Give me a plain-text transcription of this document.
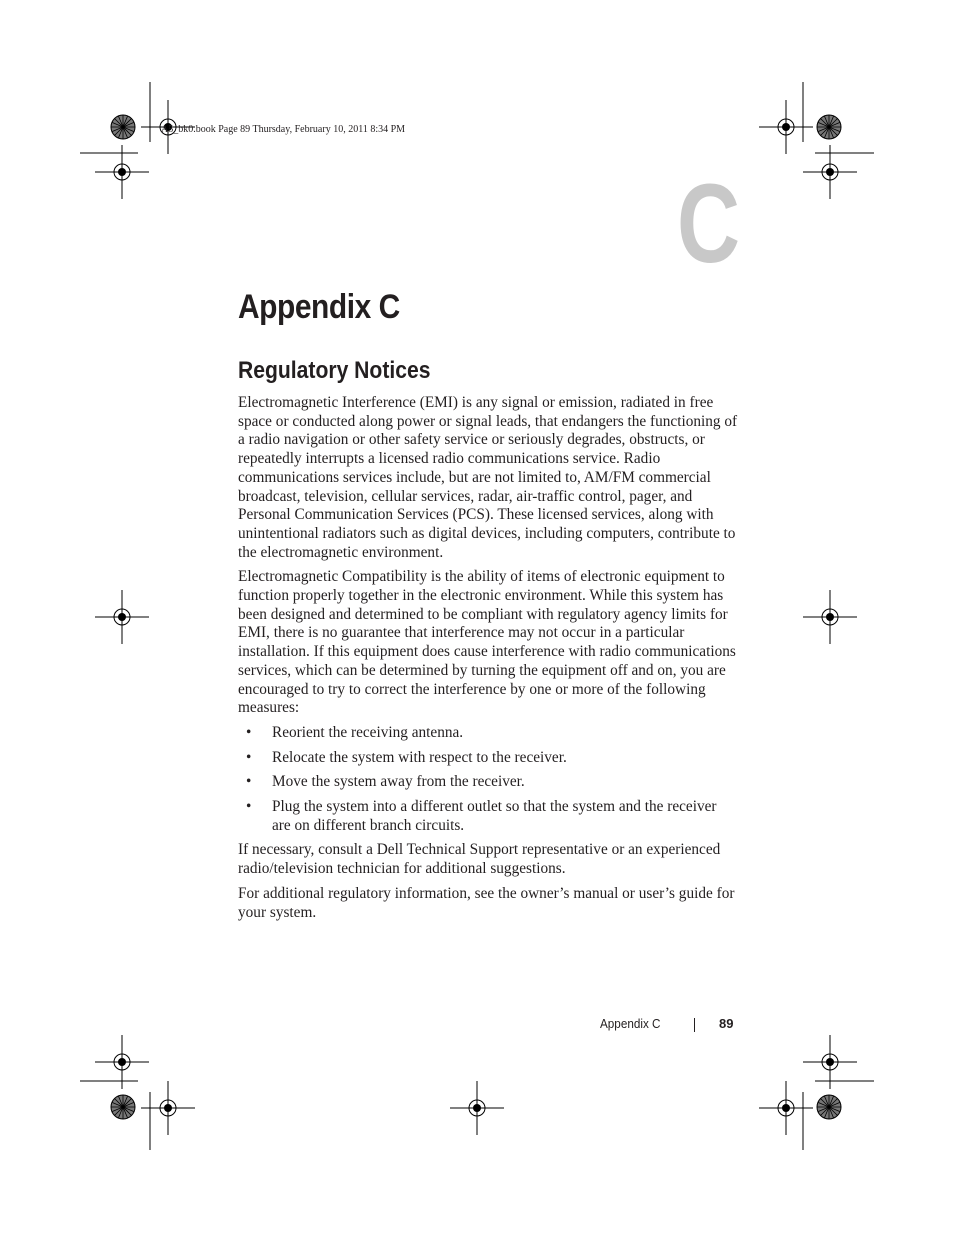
A5_bk0.book Page 89 Thursday, February 10, 2011 8:34 PM
C
Appendix C
Regulatory Notices

Electromagnetic Interference (EMI) is any signal or emission, radiated in free space or conducted along power or signal leads, that endangers the functioning of a radio navigation or other safety service or seriously degrades, obstructs, or repeatedly interrupts a licensed radio communications service. Radio communications services include, but are not limited to, AM/FM commercial broadcast, television, cellular services, radar, air-traffic control, pager, and Personal Communication Services (PCS). These licensed services, along with unintentional radiators such as digital devices, including computers, contribute to the electromagnetic environment.

Electromagnetic Compatibility is the ability of items of electronic equipment to function properly together in the electronic environment. While this system has been designed and determined to be compliant with regulatory agency limits for EMI, there is no guarantee that interference may not occur in a particular installation. If this equipment does cause interference with radio communications services, which can be determined by turning the equipment off and on, you are encouraged to try to correct the interference by one or more of the following measures:

• Reorient the receiving antenna.
• Relocate the system with respect to the receiver.
• Move the system away from the receiver.
• Plug the system into a different outlet so that the system and the receiver are on different branch circuits.

If necessary, consult a Dell Technical Support representative or an experienced radio/television technician for additional suggestions.

For additional regulatory information, see the owner’s manual or user’s guide for your system.

Appendix C	89
